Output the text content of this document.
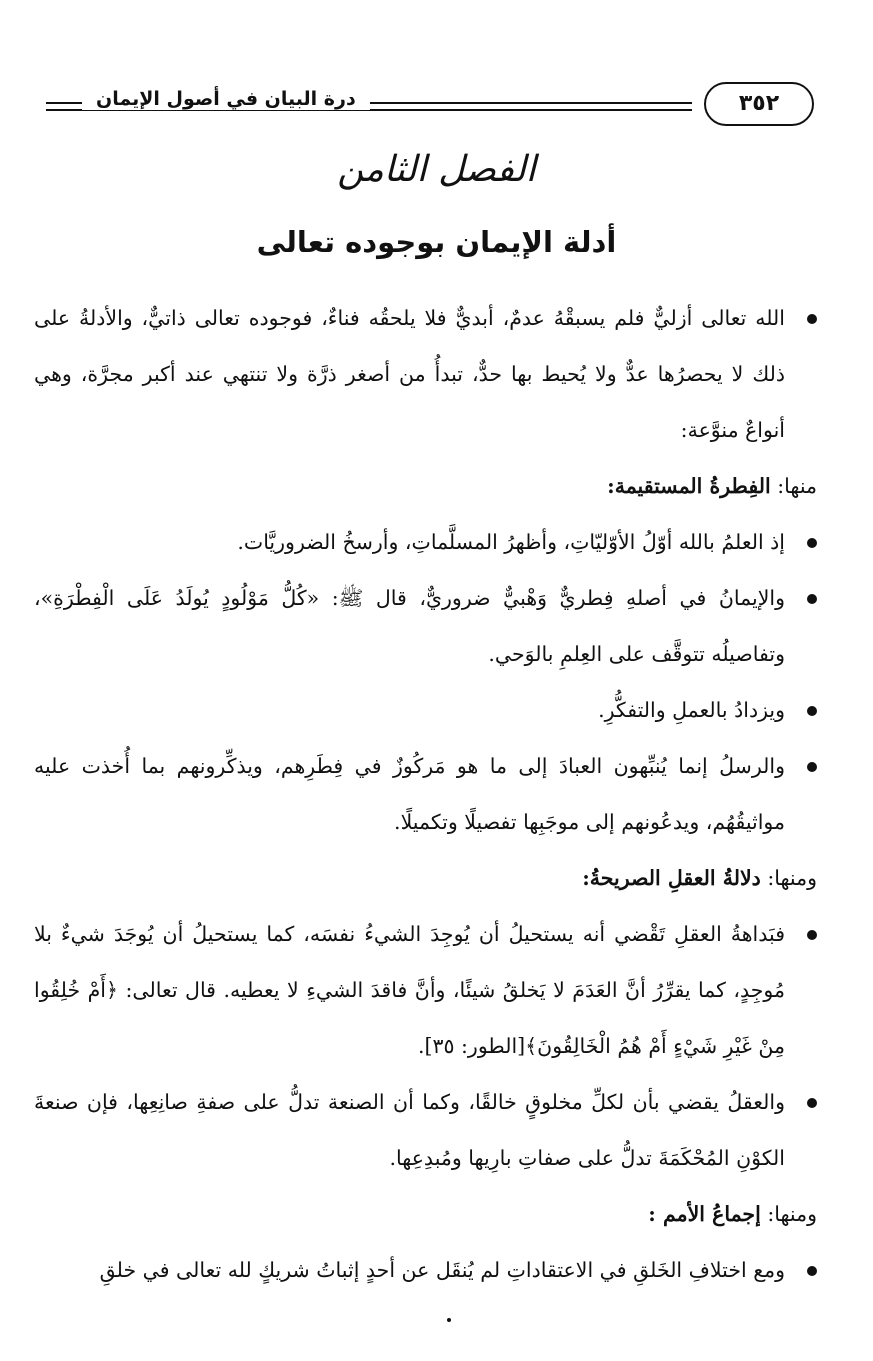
درة البيان في أصول الإيمان	٣٥٢
الفصل الثامن
أدلة الإيمان بوجوده تعالى

الله تعالى أزليٌّ فلم يسبقْهُ عدمٌ، أبديٌّ فلا يلحقُه فناءٌ، فوجوده تعالى ذاتيٌّ، والأدلةُ على ذلك لا يحصرُها عدٌّ ولا يُحيط بها حدٌّ، تبدأُ من أصغر ذرَّة ولا تنتهي عند أكبر مجرَّة، وهي أنواعٌ منوَّعة:

منها: الفِطرةُ المستقيمة:

إذ العلمُ بالله أوّلُ الأوّليّاتِ، وأظهرُ المسلَّماتِ، وأرسخُ الضروريَّات.

والإيمانُ في أصلهِ فِطريٌّ وَهْبيٌّ ضروريٌّ، قال ﷺ: «كُلُّ مَوْلُودٍ يُولَدُ عَلَى الْفِطْرَةِ»، وتفاصيلُه تتوقَّف على العِلمِ بالوَحي.

ويزدادُ بالعملِ والتفكُّرِ.

والرسلُ إنما يُنبِّهون العبادَ إلى ما هو مَركُوزٌ في فِطَرِهم، ويذكِّرونهم بما أُخذت عليه مواثيقُهُم، ويدعُونهم إلى موجَبِها تفصيلًا وتكميلًا.

ومنها: دلالةُ العقلِ الصريحةُ:

فبَداهةُ العقلِ تَقْضي أنه يستحيلُ أن يُوجِدَ الشيءُ نفسَه، كما يستحيلُ أن يُوجَدَ شيءٌ بلا مُوجِدٍ، كما يقرِّرُ أنَّ العَدَمَ لا يَخلقُ شيئًا، وأنَّ فاقدَ الشيءِ لا يعطيه. قال تعالى: ﴿أَمْ خُلِقُوا مِنْ غَيْرِ شَيْءٍ أَمْ هُمُ الْخَالِقُونَ﴾[الطور: ٣٥].

والعقلُ يقضي بأن لكلِّ مخلوقٍ خالقًا، وكما أن الصنعة تدلُّ على صفةِ صانِعِها، فإن صنعةَ الكوْنِ المُحْكَمَةَ تدلُّ على صفاتِ بارِيها ومُبدِعِها.

ومنها: إجماعُ الأمم :

ومع اختلافِ الخَلقِ في الاعتقاداتِ لم يُنقَل عن أحدٍ إثباتُ شريكٍ لله تعالى في خلقِ
